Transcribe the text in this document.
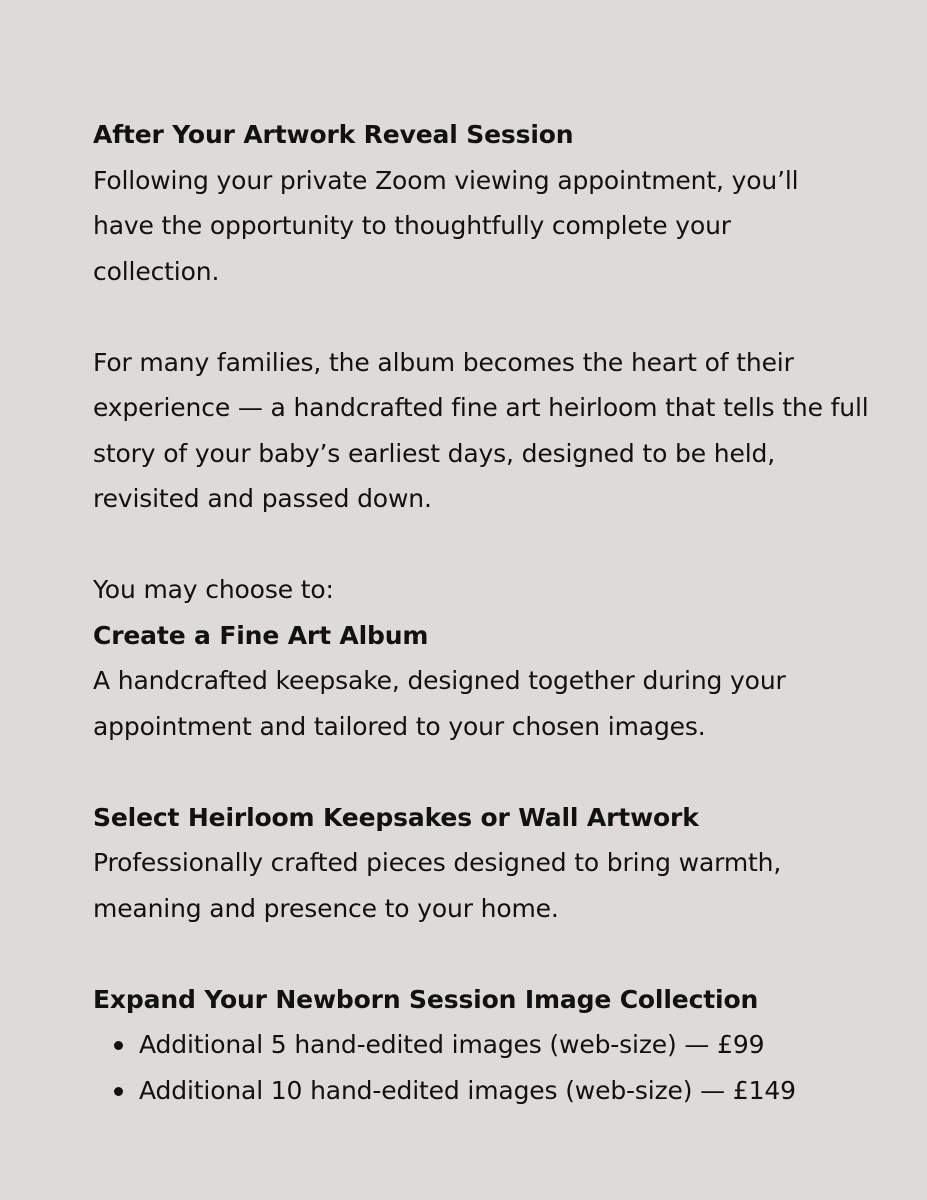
After Your Artwork Reveal Session
Following your private Zoom viewing appointment, you’ll
have the opportunity to thoughtfully complete your
collection.
For many families, the album becomes the heart of their
experience — a handcrafted fine art heirloom that tells the full
story of your baby’s earliest days, designed to be held,
revisited and passed down.
You may choose to:
Create a Fine Art Album
A handcrafted keepsake, designed together during your
appointment and tailored to your chosen images.
Select Heirloom Keepsakes or Wall Artwork
Professionally crafted pieces designed to bring warmth,
meaning and presence to your home.
Expand Your Newborn Session Image Collection
Additional 5 hand-edited images (web-size) — £99
Additional 10 hand-edited images (web-size) — £149
